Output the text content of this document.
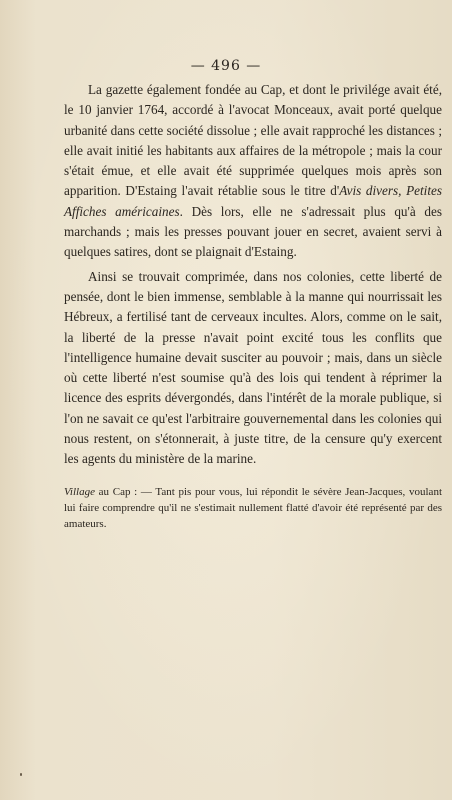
— 496 —

La gazette également fondée au Cap, et dont le privilége avait été, le 10 janvier 1764, accordé à l'avocat Monceaux, avait porté quelque urbanité dans cette société dissolue ; elle avait rapproché les distances ; elle avait initié les habitants aux affaires de la métropole ; mais la cour s'était émue, et elle avait été supprimée quelques mois après son apparition. D'Estaing l'avait rétablie sous le titre d'Avis divers, Petites Affiches américaines. Dès lors, elle ne s'adressait plus qu'à des marchands ; mais les presses pouvant jouer en secret, avaient servi à quelques satires, dont se plaignait d'Estaing.

Ainsi se trouvait comprimée, dans nos colonies, cette liberté de pensée, dont le bien immense, semblable à la manne qui nourrissait les Hébreux, a fertilisé tant de cerveaux incultes. Alors, comme on le sait, la liberté de la presse n'avait point excité tous les conflits que l'intelligence humaine devait susciter au pouvoir ; mais, dans un siècle où cette liberté n'est soumise qu'à des lois qui tendent à réprimer la licence des esprits dévergondés, dans l'intérêt de la morale publique, si l'on ne savait ce qu'est l'arbitraire gouvernemental dans les colonies qui nous restent, on s'étonnerait, à juste titre, de la censure qu'y exercent les agents du ministère de la marine.

Village au Cap : — Tant pis pour vous, lui répondit le sévère Jean-Jacques, voulant lui faire comprendre qu'il ne s'estimait nullement flatté d'avoir été représenté par des amateurs.
